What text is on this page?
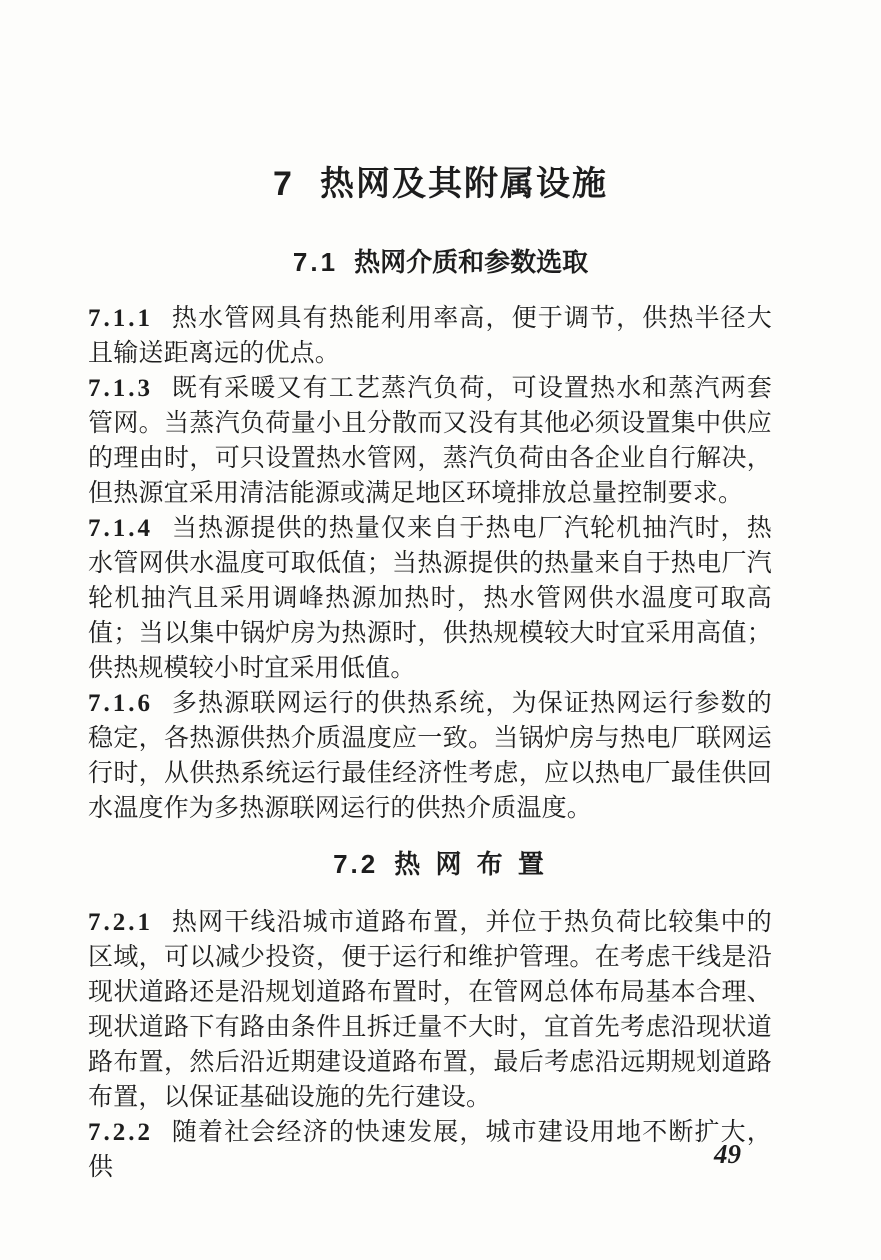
7 热网及其附属设施
7.1 热网介质和参数选取

7.1.1 热水管网具有热能利用率高，便于调节，供热半径大且输送距离远的优点。

7.1.3 既有采暖又有工艺蒸汽负荷，可设置热水和蒸汽两套管网。当蒸汽负荷量小且分散而又没有其他必须设置集中供应的理由时，可只设置热水管网，蒸汽负荷由各企业自行解决，但热源宜采用清洁能源或满足地区环境排放总量控制要求。

7.1.4 当热源提供的热量仅来自于热电厂汽轮机抽汽时，热水管网供水温度可取低值；当热源提供的热量来自于热电厂汽轮机抽汽且采用调峰热源加热时，热水管网供水温度可取高值；当以集中锅炉房为热源时，供热规模较大时宜采用高值；供热规模较小时宜采用低值。

7.1.6 多热源联网运行的供热系统，为保证热网运行参数的稳定，各热源供热介质温度应一致。当锅炉房与热电厂联网运行时，从供热系统运行最佳经济性考虑，应以热电厂最佳供回水温度作为多热源联网运行的供热介质温度。

7.2 热 网 布 置

7.2.1 热网干线沿城市道路布置，并位于热负荷比较集中的区域，可以减少投资，便于运行和维护管理。在考虑干线是沿现状道路还是沿规划道路布置时，在管网总体布局基本合理、现状道路下有路由条件且拆迁量不大时，宜首先考虑沿现状道路布置，然后沿近期建设道路布置，最后考虑沿远期规划道路布置，以保证基础设施的先行建设。

7.2.2 随着社会经济的快速发展，城市建设用地不断扩大，供	49
